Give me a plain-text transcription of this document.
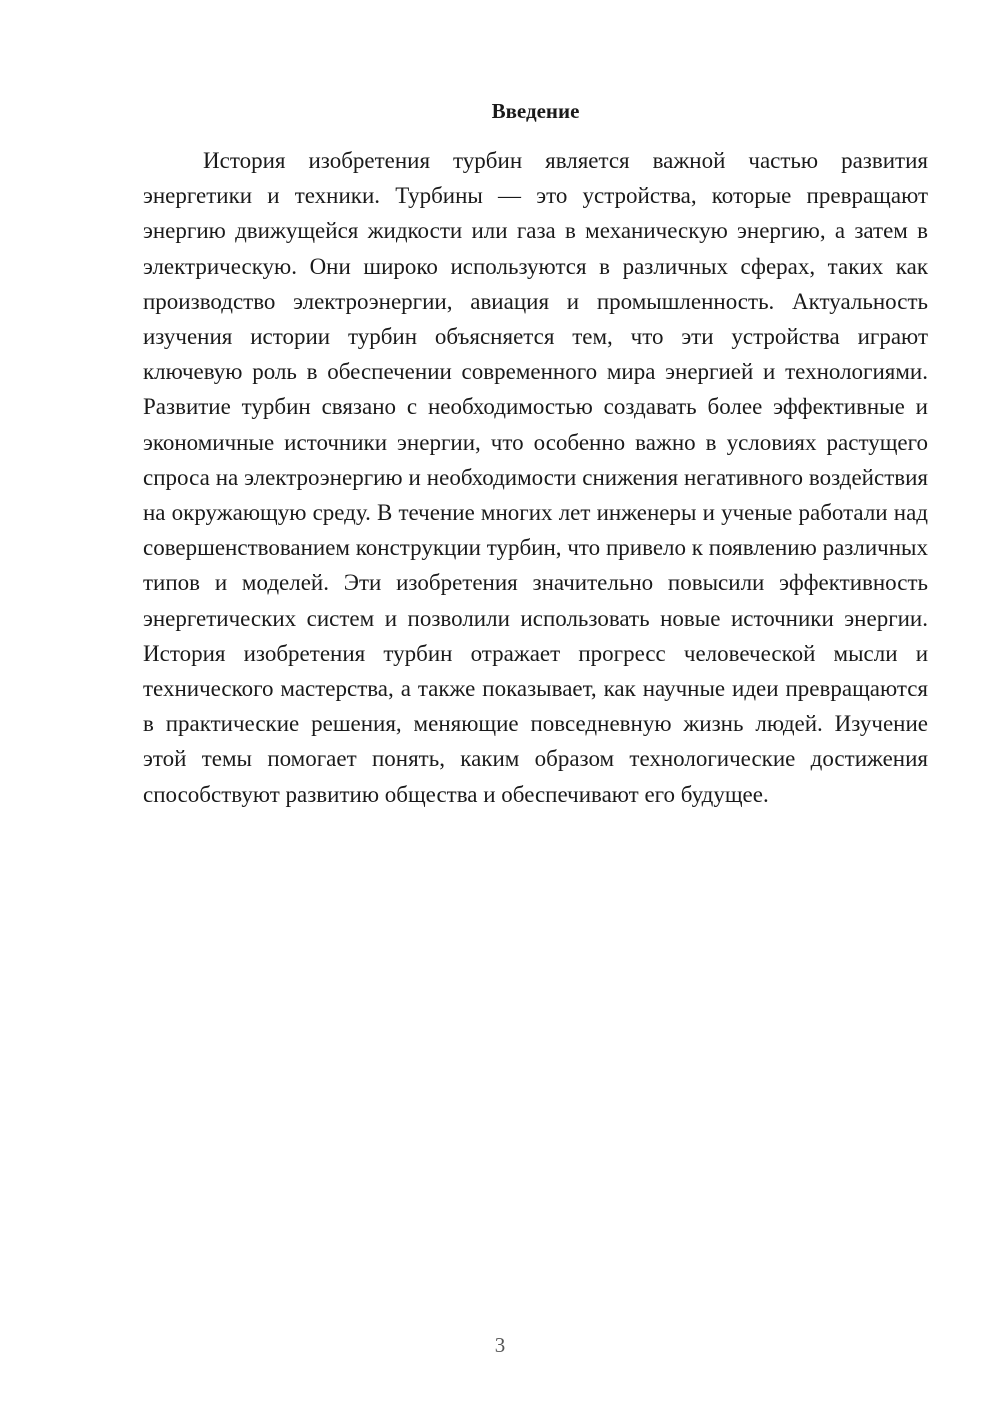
Введение

История изобретения турбин является важной частью развития энергетики и техники. Турбины — это устройства, которые превращают энергию движущейся жидкости или газа в механическую энергию, а затем в электрическую. Они широко используются в различных сферах, таких как производство электроэнергии, авиация и промышленность. Актуальность изучения истории турбин объясняется тем, что эти устройства играют ключевую роль в обеспечении современного мира энергией и технологиями. Развитие турбин связано с необходимостью создавать более эффективные и экономичные источники энергии, что особенно важно в условиях растущего спроса на электроэнергию и необходимости снижения негативного воздействия на окружающую среду. В течение многих лет инженеры и ученые работали над совершенствованием конструкции турбин, что привело к появлению различных типов и моделей. Эти изобретения значительно повысили эффективность энергетических систем и позволили использовать новые источники энергии. История изобретения турбин отражает прогресс человеческой мысли и технического мастерства, а также показывает, как научные идеи превращаются в практические решения, меняющие повседневную жизнь людей. Изучение этой темы помогает понять, каким образом технологические достижения способствуют развитию общества и обеспечивают его будущее.

3
